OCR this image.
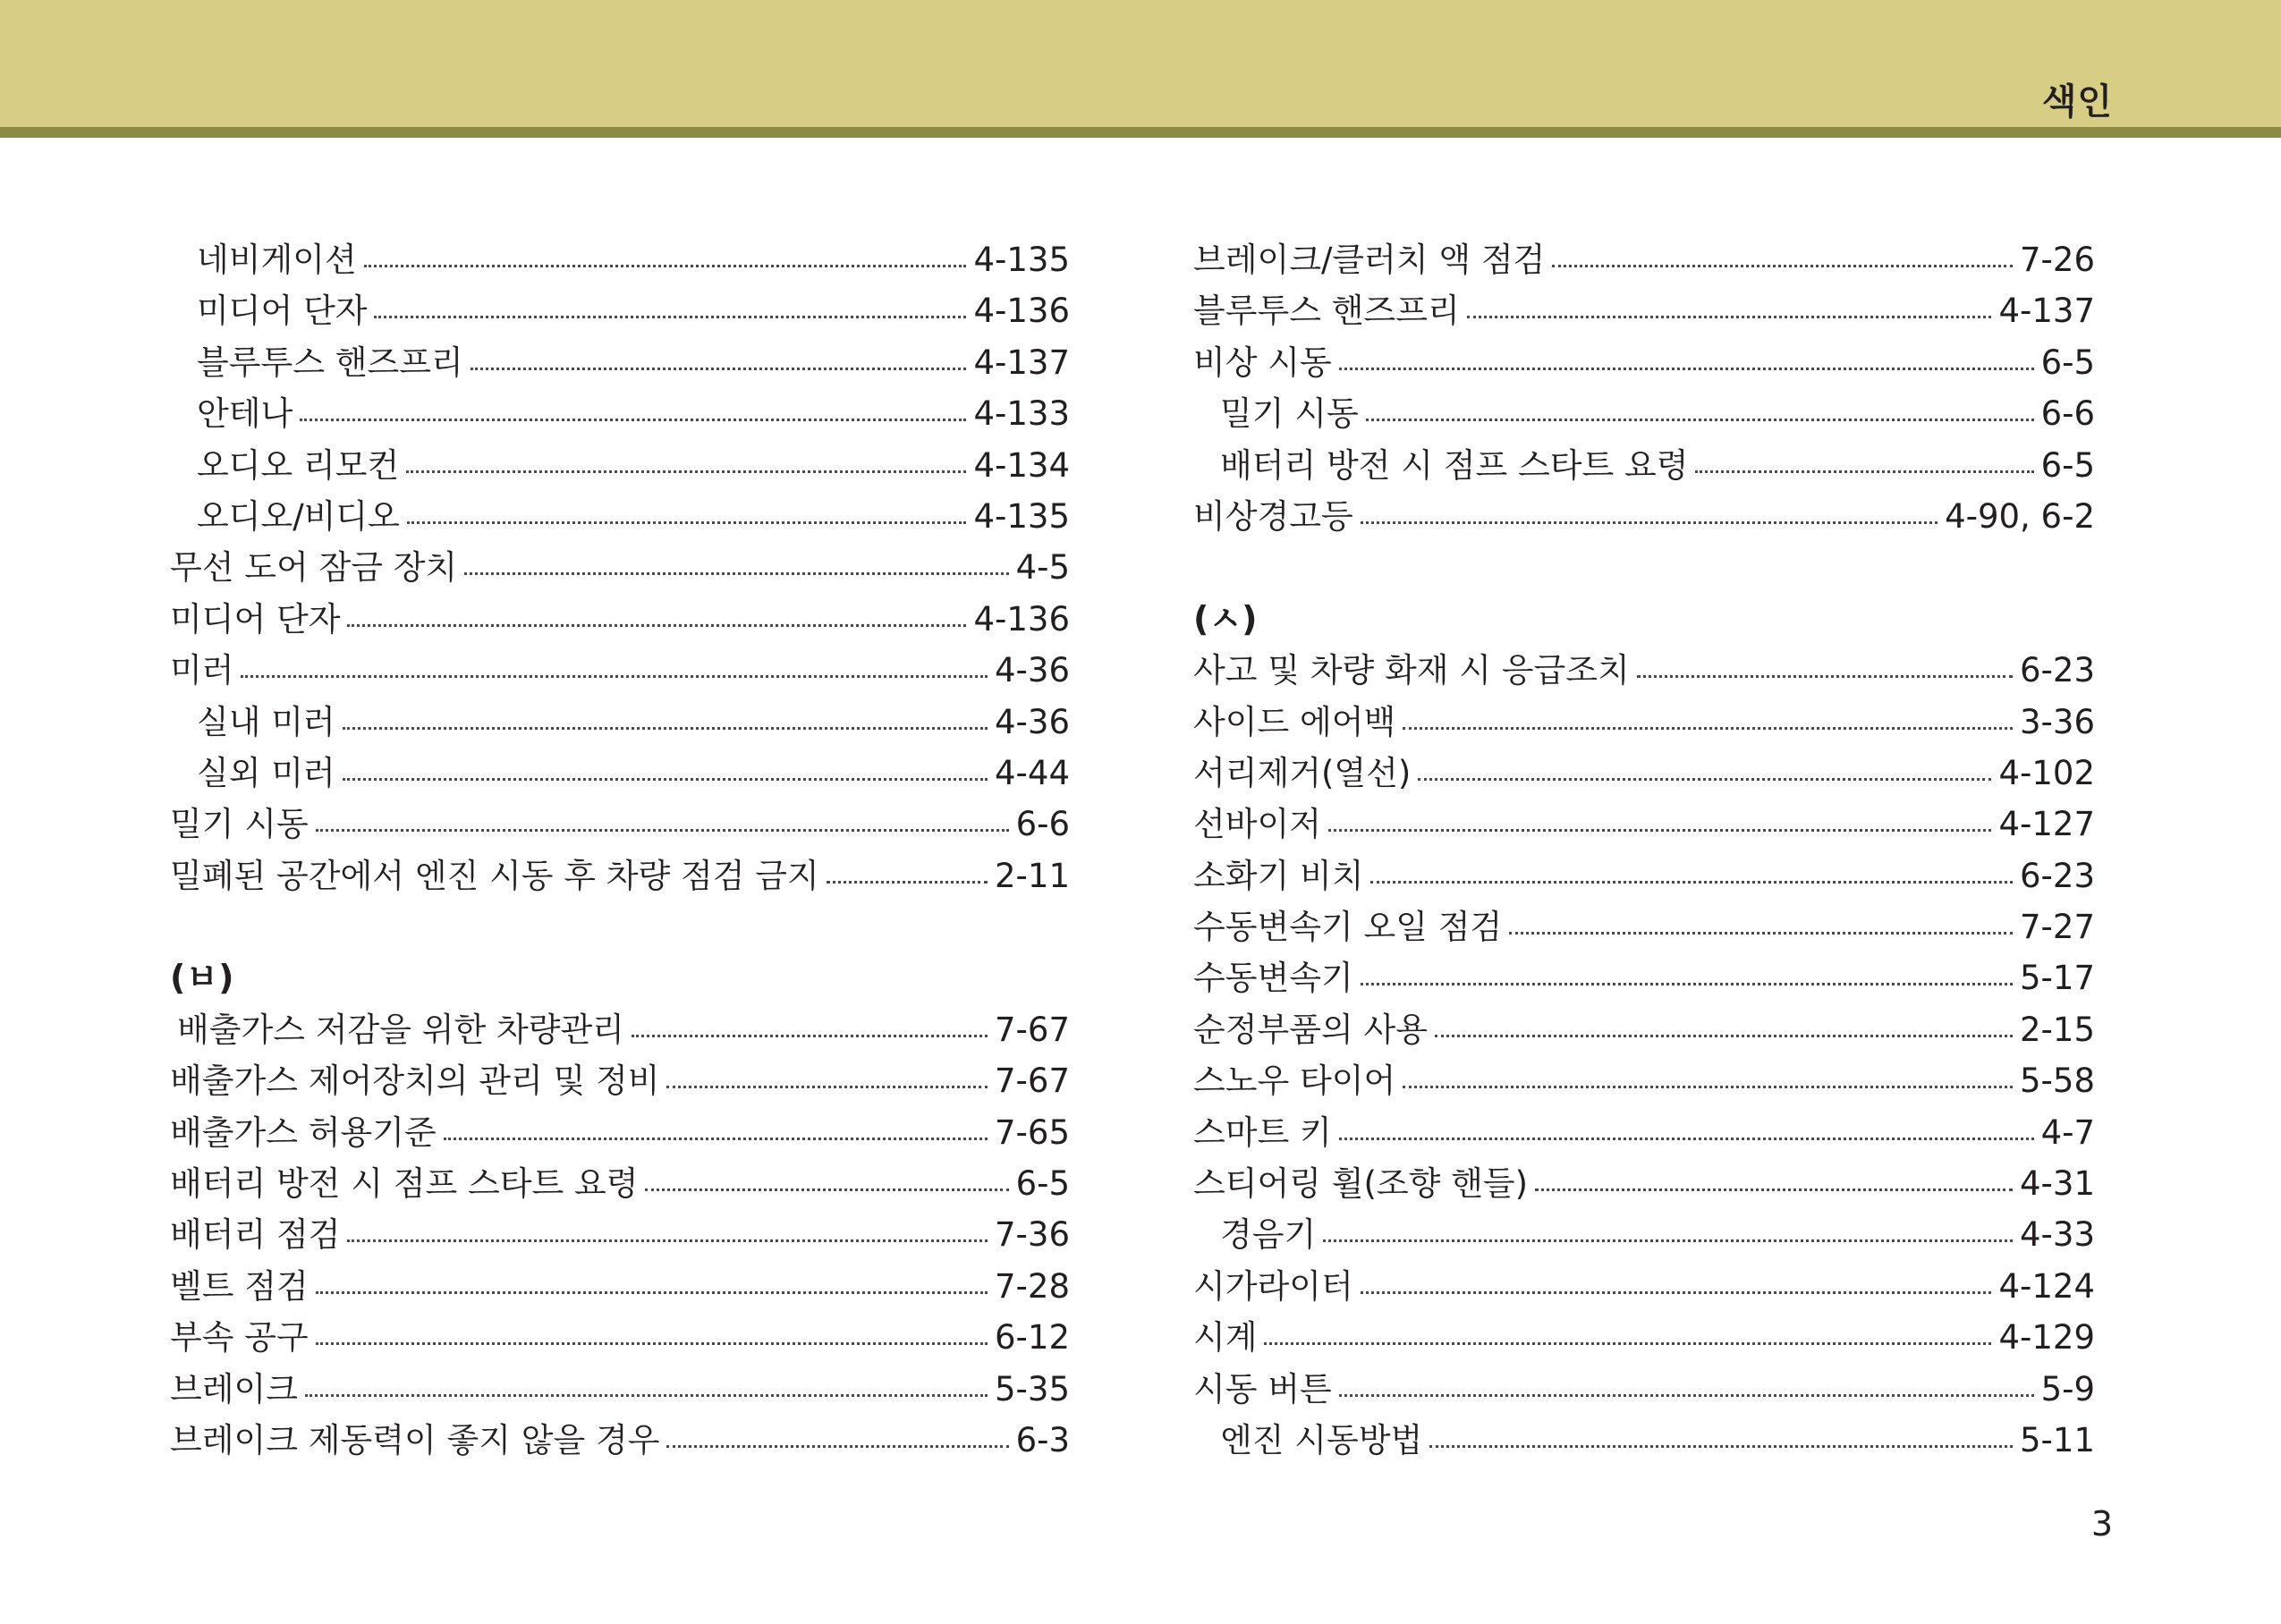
색인
네비게이션	4-135
미디어 단자	4-136
블루투스 핸즈프리	4-137
안테나	4-133
오디오 리모컨	4-134
오디오/비디오	4-135
무선 도어 잠금 장치	4-5
미디어 단자	4-136
미러	4-36
실내 미러	4-36
실외 미러	4-44
밀기 시동	6-6
밀폐된 공간에서 엔진 시동 후 차량 점검 금지	2-11
(ㅂ)
배출가스 저감을 위한 차량관리	7-67
배출가스 제어장치의 관리 및 정비	7-67
배출가스 허용기준	7-65
배터리 방전 시 점프 스타트 요령	6-5
배터리 점검	7-36
벨트 점검	7-28
부속 공구	6-12
브레이크	5-35
브레이크 제동력이 좋지 않을 경우	6-3
브레이크/클러치 액 점검	7-26
블루투스 핸즈프리	4-137
비상 시동	6-5
밀기 시동	6-6
배터리 방전 시 점프 스타트 요령	6-5
비상경고등	4-90, 6-2
(ㅅ)
사고 및 차량 화재 시 응급조치	6-23
사이드 에어백	3-36
서리제거(열선)	4-102
선바이저	4-127
소화기 비치	6-23
수동변속기 오일 점검	7-27
수동변속기	5-17
순정부품의 사용	2-15
스노우 타이어	5-58
스마트 키	4-7
스티어링 휠(조향 핸들)	4-31
경음기	4-33
시가라이터	4-124
시계	4-129
시동 버튼	5-9
엔진 시동방법	5-11
3
